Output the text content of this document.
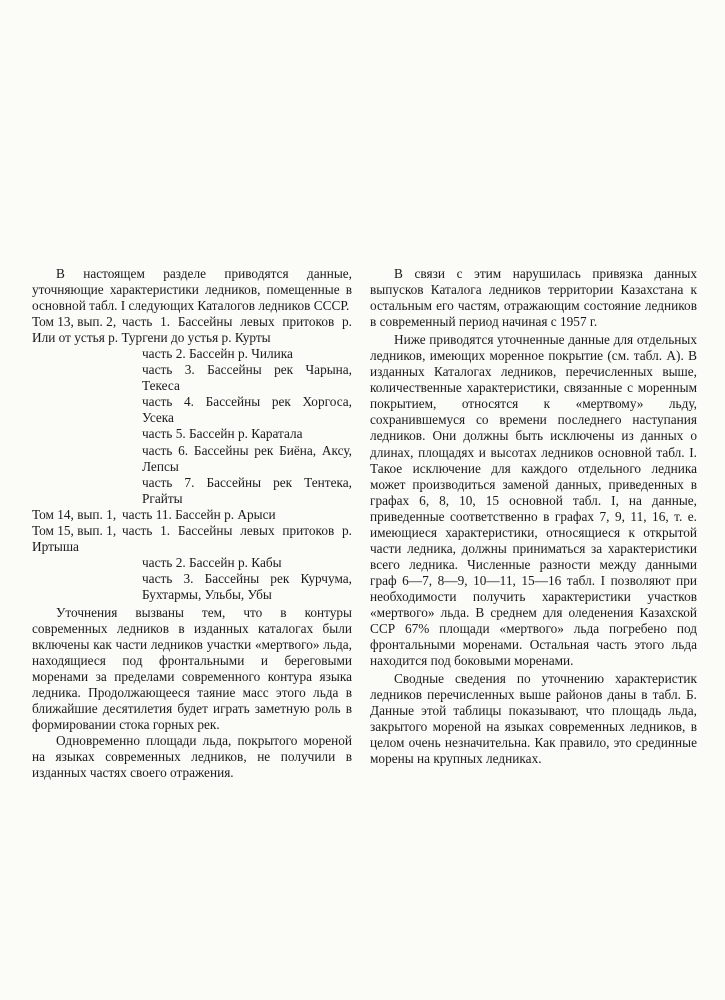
В настоящем разделе приводятся данные, уточняющие характеристики ледников, помещенные в основной табл. I следующих Каталогов ледников СССР.

Том 13, вып. 2, часть 1. Бассейны левых притоков р. Или от устья р. Тургени до устья р. Курты

часть 2. Бассейн р. Чилика

часть 3. Бассейны рек Чарына, Текеса

часть 4. Бассейны рек Хоргоса, Усека

часть 5. Бассейн р. Каратала

часть 6. Бассейны рек Биёна, Аксу, Лепсы

часть 7. Бассейны рек Тентека, Ргайты

Том 14, вып. 1, часть 11. Бассейн р. Арыси

Том 15, вып. 1, часть 1. Бассейны левых притоков р. Иртыша

часть 2. Бассейн р. Кабы

часть 3. Бассейны рек Курчума, Бухтармы, Ульбы, Убы

Уточнения вызваны тем, что в контуры современных ледников в изданных каталогах были включены как части ледников участки «мертвого» льда, находящиеся под фронтальными и береговыми моренами за пределами современного контура языка ледника. Продолжающееся таяние масс этого льда в ближайшие десятилетия будет играть заметную роль в формировании стока горных рек.

Одновременно площади льда, покрытого мореной на языках современных ледников, не получили в изданных частях своего отражения.

В связи с этим нарушилась привязка данных выпусков Каталога ледников территории Казахстана к остальным его частям, отражающим состояние ледников в современный период начиная с 1957 г.

Ниже приводятся уточненные данные для отдельных ледников, имеющих моренное покрытие (см. табл. А). В изданных Каталогах ледников, перечисленных выше, количественные характеристики, связанные с моренным покрытием, относятся к «мертвому» льду, сохранившемуся со времени последнего наступания ледников. Они должны быть исключены из данных о длинах, площадях и высотах ледников основной табл. I. Такое исключение для каждого отдельного ледника может производиться заменой данных, приведенных в графах 6, 8, 10, 15 основной табл. I, на данные, приведенные соответственно в графах 7, 9, 11, 16, т. е. имеющиеся характеристики, относящиеся к открытой части ледника, должны приниматься за характеристики всего ледника. Численные разности между данными граф 6—7, 8—9, 10—11, 15—16 табл. I позволяют при необходимости получить характеристики участков «мертвого» льда. В среднем для оледенения Казахской ССР 67% площади «мертвого» льда погребено под фронтальными моренами. Остальная часть этого льда находится под боковыми моренами.

Сводные сведения по уточнению характеристик ледников перечисленных выше районов даны в табл. Б. Данные этой таблицы показывают, что площадь льда, закрытого мореной на языках современных ледников, в целом очень незначительна. Как правило, это срединные морены на крупных ледниках.
